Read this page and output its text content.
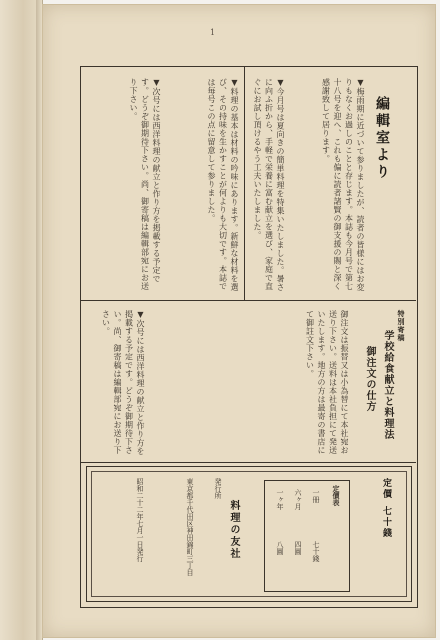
1
編輯室より
▼梅雨期に近づいて参りましたが、読者の皆様にはお変りもなくお過しのことと存じます。本誌も今月号で第七十八号を迎へ、これも偏に読者諸賢の御支援の賜と深く感謝致して居ります。
▼今月号は夏向きの簡単料理を特集いたしました。暑さに向ふ折から、手軽で栄養に富む献立を選び、家庭で直ぐにお試し頂けるやう工夫いたしました。
▼料理の基本は材料の吟味にあります。新鮮な材料を選び、その持味を生かすことが何よりも大切です。本誌では毎号この点に留意して参りました。
▼次号には西洋料理の献立と作り方を掲載する予定です。どうぞ御期待下さい。尚、御寄稿は編輯部宛にお送り下さい。
特別寄稿
学校給食献立と料理法
御注文の仕方
御注文は振替又は小為替にて本社宛お送り下さい。送料は本社負担にて発送いたします。地方の方は最寄の書店にて御註文下さい。
▼次号には西洋料理の献立と作り方を掲載する予定です。どうぞ御期待下さい。尚、御寄稿は編輯部宛にお送り下さい。
料理の友社
発行所
東京都千代田区神田錦町三丁目
昭和二十二年七月一日発行	定價表
一冊
七十錢
六ヶ月
四圓
一ヶ年
八圓
定價
七十錢
